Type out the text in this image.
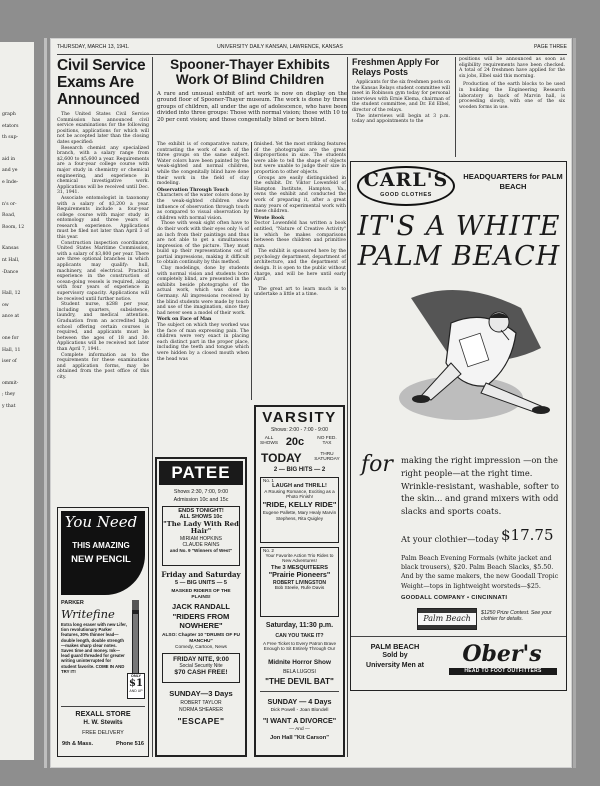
graph
etators
th sup-
aid in
and ye
e Inde-
n's or-
Road,
Room, 12
Kansas
nt Hall,
-Dance
Hall, 12
ow
ance at
one for
Hall, 11
iser of
ommit-
; they
y that
THURSDAY, MARCH 13, 1941.	UNIVERSITY DAILY KANSAN, LAWRENCE, KANSAS	PAGE THREE
Civil Service Exams Are Announced

The United States Civil Service Commission has announced civil service examinations for the following positions, applications for which will not be accepted later than the closing dates specified:

Research chemist any specialized branch, with a salary range from $2,600 to $5,600 a year. Requirements are a four-year college course with major study in chemistry or chemical engineering, and experience in chemical investigative work. Applications will be received until Dec. 31, 1941.

Associate entomologist in taxonomy with a salary of $3,200 a year. Requirements include a four-year college course with major study in entomology and three years of research experience. Applications must be filed not later than April 3 of this year.

Construction inspection coordinator, United States Maritime Commission, with a salary of $3,800 per year. There are three optional branches in which applicants may qualify: hull, machinery, and electrical. Practical experience in the construction of ocean-going vessels is required, along with four years of experience in supervisory capacity. Applications will be received until further notice.

Student nurse, $288 per year, including quarters, subsistence, laundry, and medical attention. Graduation from an accredited high school offering certain courses is required, and applicants must be between the ages of 18 and 30. Applications will be received not later than April 7, 1941.

Complete information as to the requirements for these examinations and application forms, may be obtained from the post office of this city.

You Need
THIS AMAZING
NEW PENCIL
PARKER
Writefine
Extra long eraser with new Lifer, tion revolutionary Parker features, 30% thinner lead—double length, double strength—makes sharp clear notes. Saves time and money. Ink—lead guard threaded for greater writing uninterrupted for student favorite. COME IN AND TRY IT!
ONLY
$1
AND UP
REXALL STORE
H. W. Stewits
FREE DELIVERY
9th & Mass.	Phone 516
Spooner-Thayer Exhibits Work Of Blind Children
A rare and unusual exhibit of art work is now on display on the ground floor of Spooner-Thayer museum. The work is done by three groups of children, all under the age of adolescence, who have been divided into three groups: Those with normal vision; those with 10 to 20 per cent vision; and those congenitally blind or born blind.

The exhibit is of comparative nature, contrasting the work of each of the three groups on the same subject. Water colors have been painted by the weak-sighted and normal children, while the congenitally blind have done their work in the field of clay modeling.

Observation Through Touch

Characters of the water colors done by the weak-sighted children show influence of observation through touch as compared to visual observation by children with normal vision.

Those with weak sight often have to do their work with their eyes only ¼ of an inch from their paintings and thus are not able to get a simultaneous impression of the picture. They must build up their representations out of partial impressions, making it difficult to obtain continuity by this method.

Clay modelings, done by students with normal vision and students born completely blind, are presented in the exhibits beside photographs of the actual work, which was done in Germany. All impressions received by the blind students were made by touch and use of the imagination, since they had never seen a model of their work.

Work on Face of Man

The subject on which they worked was the face of man expressing pain. The children were very exact in placing each distinct part in the proper place, including the teeth and tongue which were hidden by a closed mouth when the head was

finished. Yet the most striking features of the photographs are the great disproportions in size. The students were able to tell the shape of objects but were unable to judge their size in proportion to other objects.

Groups are easily distinguished in the exhibit. Dr. Viktor Lowenfeld of Hampton Institute, Hampton, Va., owns the exhibit and conducted the work of preparing it, after a great many years of experimental work with these children.

Wrote Book

Doctor Lowenfeld has written a book entitled, "Nature of Creative Activity" in which he makes comparisons between these children and primitive man.

The exhibit is sponsored here by the psychology department, department of architecture, and the department of design. It is open to the public without charge, and will be here until early April.

The great art to learn much is to undertake a little at a time.

PATEE
Shows 2:30, 7:00, 9:00
Admission 10c and 15c
ENDS TONIGHT!
ALL SHOWS 10c
"The Lady With Red Hair"
MIRIAM HOPKINS
CLAUDE RAINS
and No. 9 "Winners of West"
Friday and Saturday
5 — BIG UNITS — 5
MASKED RIDERS OF THE PLAINS!
JACK RANDALL
"RIDERS FROM NOWHERE"
ALSO: Chapter 10 "DRUMS OF FU MANCHU"
Comedy, Cartoon, News
FRIDAY NITE, 9:00
Social Security Nite
$70 CASH FREE!
SUNDAY—3 Days
ROBERT TAYLOR
NORMA SHEARER
"ESCAPE"
VARSITY
Shows: 2:00 - 7:00 - 9:00
ALL SHOWS 20c	NO FED. TAX
TODAY	THRU SATURDAY
2 — BIG HITS — 2
No. 1
LAUGH and THRILL!
A Rousing Romance, Exciting as a Photo Finish!
"RIDE, KELLY RIDE"
Eugene Pallette, Mary Healy Marvin Stephens, Rita Quigley
No. 2
Your Favorite Action Trio Rides to New Adventures!
The 3 MESQUITEERS
"Prairie Pioneers"
ROBERT LIVINGSTON
Bob Steele, Rufe Davis
Saturday, 11:30 p.m.
CAN YOU TAKE IT?
A Free Ticket to Every Patron Brave Enough to Sit Entirely Through Our
Midnite Horror Show
BELA LUGOSI
"THE DEVIL BAT"
SUNDAY — 4 Days
Dick Powell - Joan Blondell
"I WANT A DIVORCE"
— And —
Jon Hall "Kit Carson"
Freshmen Apply For Relays Posts

Applicants for the six freshmen posts on the Kansas Relays student committee will meet in Robinson gym today for personal interviews with Ernie Klema, chairman of the student committee, and Dr. Ed Elbel, director of the relays.

The interviews will begin at 3 p.m. today and appointments to the

positions will be announced as soon as eligibility requirements have been checked. A total of 24 freshmen have applied for the six jobs, Elbel said this morning.

Production of the earth blocks to be used in building the Engineering Research laboratory in back of Marvin hall, is proceeding slowly, with one of the six wooden forms in use.

CARL'S
GOOD CLOTHES
HEADQUARTERS for PALM BEACH
IT'S A WHITE
PALM BEACH
for making the right impression —on the right people—at the right time. Wrinkle-resistant, washable, softer to the skin... and grand mixers with odd slacks and sports coats.
At your clothier—today $17.75
Palm Beach Evening Formals (white jacket and black trousers), $20. Palm Beach Slacks, $5.50. And by the same makers, the new Goodall Tropic Weight—tops in lightweight worsteds—$25.
GOODALL COMPANY • CINCINNATI
Palm Beach
$1250 Prize Contest. See your clothier for details.
PALM BEACH
Sold by
University Men at	Ober's
HEAD TO FOOT OUTFITTERS
